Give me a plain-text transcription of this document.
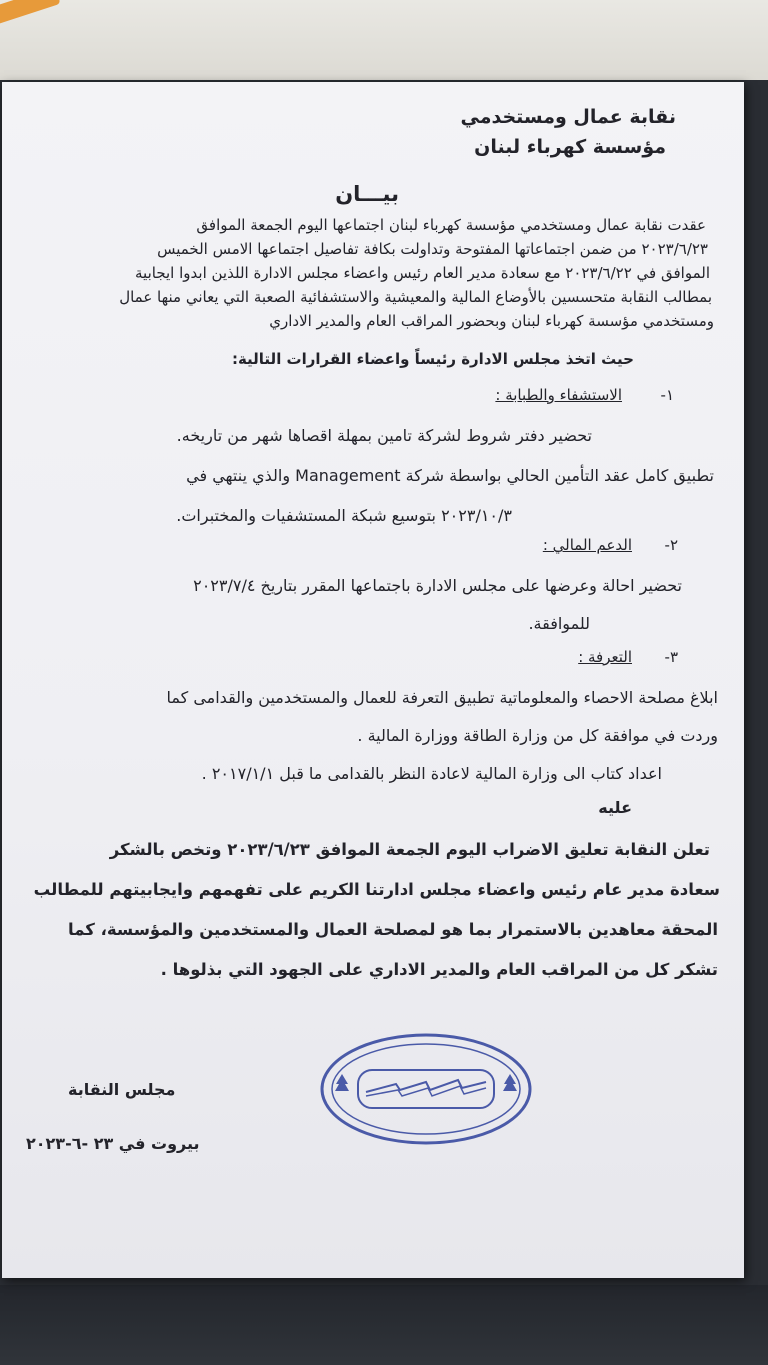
نقابة عمال ومستخدمي
مؤسسة كهرباء لبنان
بيـــان
عقدت نقابة عمال ومستخدمي مؤسسة كهرباء لبنان اجتماعها اليوم الجمعة الموافق
٢٠٢٣/٦/٢٣ من ضمن اجتماعاتها المفتوحة وتداولت بكافة تفاصيل اجتماعها الامس الخميس
الموافق في ٢٠٢٣/٦/٢٢ مع سعادة مدير العام رئيس واعضاء مجلس الادارة اللذين ابدوا ايجابية
بمطالب النقابة متحسسين بالأوضاع المالية والمعيشية والاستشفائية الصعبة التي يعاني منها عمال
ومستخدمي مؤسسة كهرباء لبنان وبحضور المراقب العام والمدير الاداري
حيث اتخذ مجلس الادارة رئيساً واعضاء القرارات التالية:
١-
الاستشفاء والطبابة :
تحضير دفتر شروط لشركة تامين بمهلة اقصاها شهر من تاريخه.
تطبيق كامل عقد التأمين الحالي بواسطة شركة Management والذي ينتهي في
٢٠٢٣/١٠/٣ بتوسيع شبكة المستشفيات والمختبرات.
٢-
الدعم المالي :
تحضير احالة وعرضها على مجلس الادارة باجتماعها المقرر بتاريخ ٢٠٢٣/٧/٤
للموافقة.
٣-
التعرفة :
ابلاغ مصلحة الاحصاء والمعلوماتية تطبيق التعرفة للعمال والمستخدمين والقدامى كما
وردت في موافقة كل من وزارة الطاقة ووزارة المالية .
اعداد كتاب الى وزارة المالية لاعادة النظر بالقدامى ما قبل ٢٠١٧/١/١ .
عليه
تعلن النقابة تعليق الاضراب اليوم الجمعة الموافق ٢٠٢٣/٦/٢٣ وتخص بالشكر
سعادة مدير عام رئيس واعضاء مجلس ادارتنا الكريم على تفهمهم وايجابيتهم للمطالب
المحقة معاهدين بالاستمرار بما هو لمصلحة العمال والمستخدمين والمؤسسة، كما
تشكر كل من المراقب العام والمدير الاداري على الجهود التي بذلوها .
مجلس النقابة
بيروت في ٢٣ -٦-٢٠٢٣
